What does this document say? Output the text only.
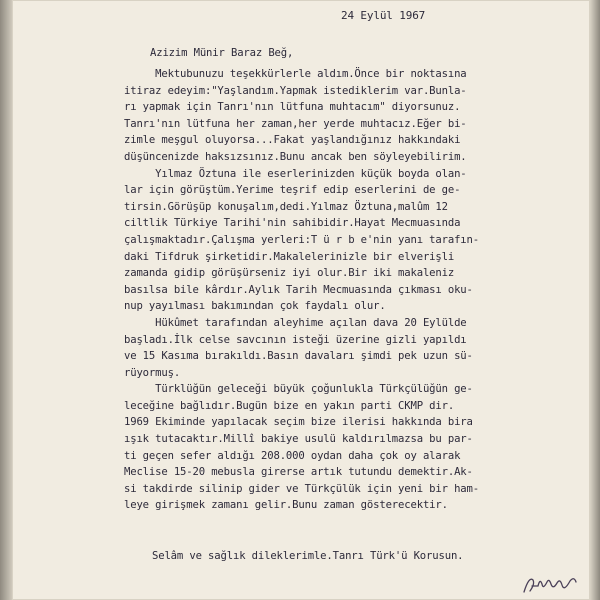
24 Eylül 1967
Azizim Münir Baraz Beğ,
Mektubunuzu teşekkürlerle aldım.Önce bir noktasına
itiraz edeyim:"Yaşlandım.Yapmak istediklerim var.Bunla-
rı yapmak için Tanrı'nın lütfuna muhtacım" diyorsunuz.
Tanrı'nın lütfuna her zaman,her yerde muhtacız.Eğer bi-
zimle meşgul oluyorsa...Fakat yaşlandığınız hakkındaki
düşüncenizde haksızsınız.Bunu ancak ben söyleyebilirim.
Yılmaz Öztuna ile eserlerinizden küçük boyda olan-
lar için görüştüm.Yerime teşrif edip eserlerini de ge-
tirsin.Görüşüp konuşalım,dedi.Yılmaz Öztuna,malûm 12
ciltlik Türkiye Tarihi'nin sahibidir.Hayat Mecmuasında
çalışmaktadır.Çalışma yerleri:T ü r b e'nin yanı tarafın-
daki Tifdruk şirketidir.Makalelerinizle bir elverişli
zamanda gidip görüşürseniz iyi olur.Bir iki makaleniz
basılsa bile kârdır.Aylık Tarih Mecmuasında çıkması oku-
nup yayılması bakımından çok faydalı olur.
Hükûmet tarafından aleyhime açılan dava 20 Eylülde
başladı.İlk celse savcının isteği üzerine gizli yapıldı
ve 15 Kasıma bırakıldı.Basın davaları şimdi pek uzun sü-
rüyormuş.
Türklüğün geleceği büyük çoğunlukla Türkçülüğün ge-
leceğine bağlıdır.Bugün bize en yakın parti CKMP dir.
1969 Ekiminde yapılacak seçim bize ilerisi hakkında bira
ışık tutacaktır.Millî bakiye usulü kaldırılmazsa bu par-
ti geçen sefer aldığı 208.000 oydan daha çok oy alarak
Meclise 15-20 mebusla girerse artık tutundu demektir.Ak-
si takdirde silinip gider ve Türkçülük için yeni bir ham-
leye girişmek zamanı gelir.Bunu zaman gösterecektir.
Selâm ve sağlık dileklerimle.Tanrı Türk'ü Korusun.
